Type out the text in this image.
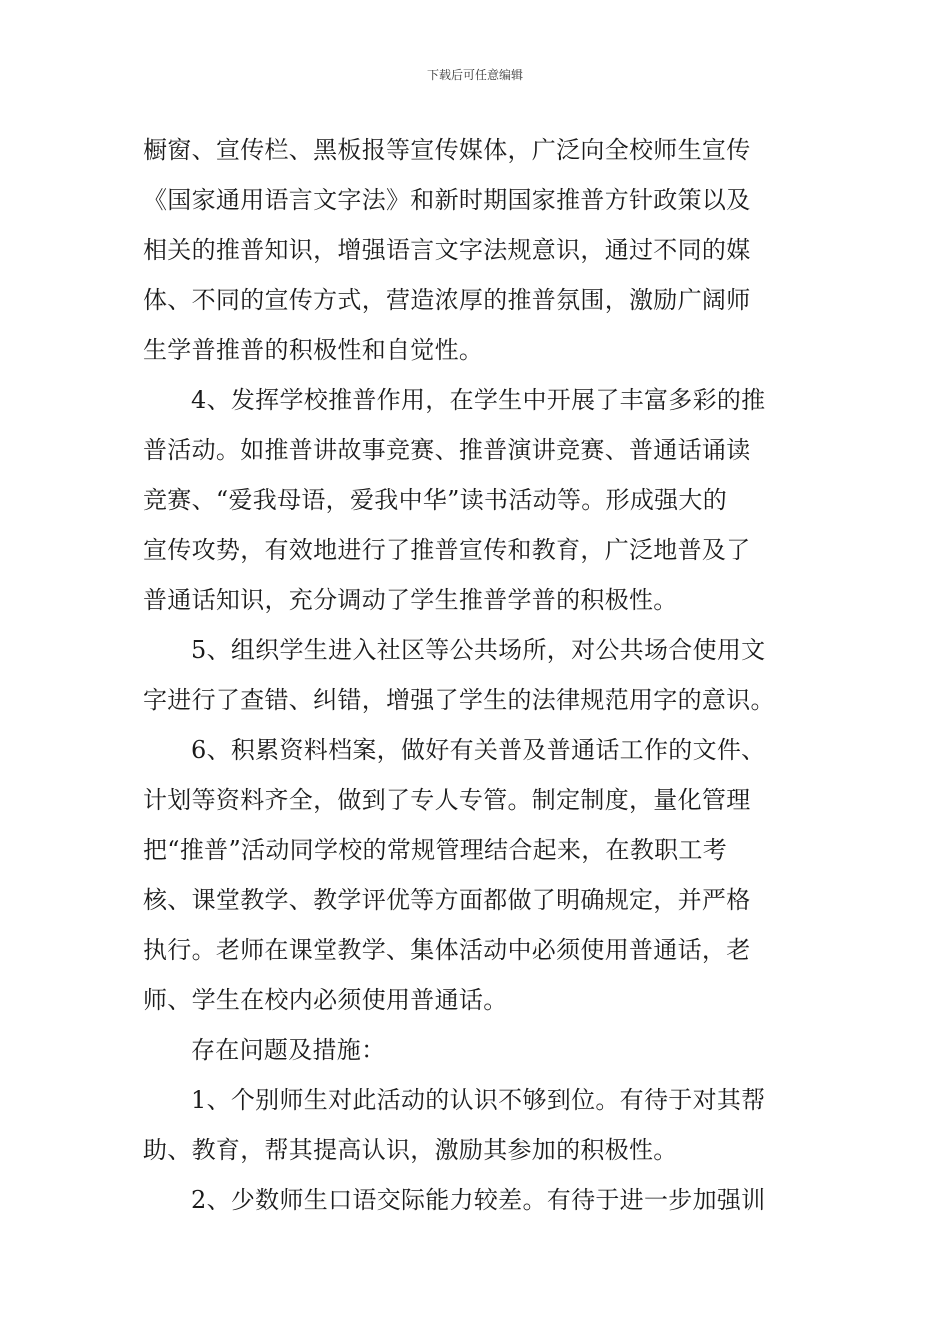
下载后可任意编辑
橱窗、宣传栏、黑板报等宣传媒体，广泛向全校师生宣传
《国家通用语言文字法》和新时期国家推普方针政策以及
相关的推普知识，增强语言文字法规意识，通过不同的媒
体、不同的宣传方式，营造浓厚的推普氛围，激励广阔师
生学普推普的积极性和自觉性。
4、发挥学校推普作用，在学生中开展了丰富多彩的推
普活动。如推普讲故事竞赛、推普演讲竞赛、普通话诵读
竞赛、“爱我母语，爱我中华”读书活动等。形成强大的
宣传攻势，有效地进行了推普宣传和教育，广泛地普及了
普通话知识，充分调动了学生推普学普的积极性。
5、组织学生进入社区等公共场所，对公共场合使用文
字进行了查错、纠错，增强了学生的法律规范用字的意识。
6、积累资料档案，做好有关普及普通话工作的文件、
计划等资料齐全，做到了专人专管。制定制度，量化管理
把“推普”活动同学校的常规管理结合起来，在教职工考
核、课堂教学、教学评优等方面都做了明确规定，并严格
执行。老师在课堂教学、集体活动中必须使用普通话，老
师、学生在校内必须使用普通话。
存在问题及措施：
1、个别师生对此活动的认识不够到位。有待于对其帮
助、教育，帮其提高认识，激励其参加的积极性。
2、少数师生口语交际能力较差。有待于进一步加强训
